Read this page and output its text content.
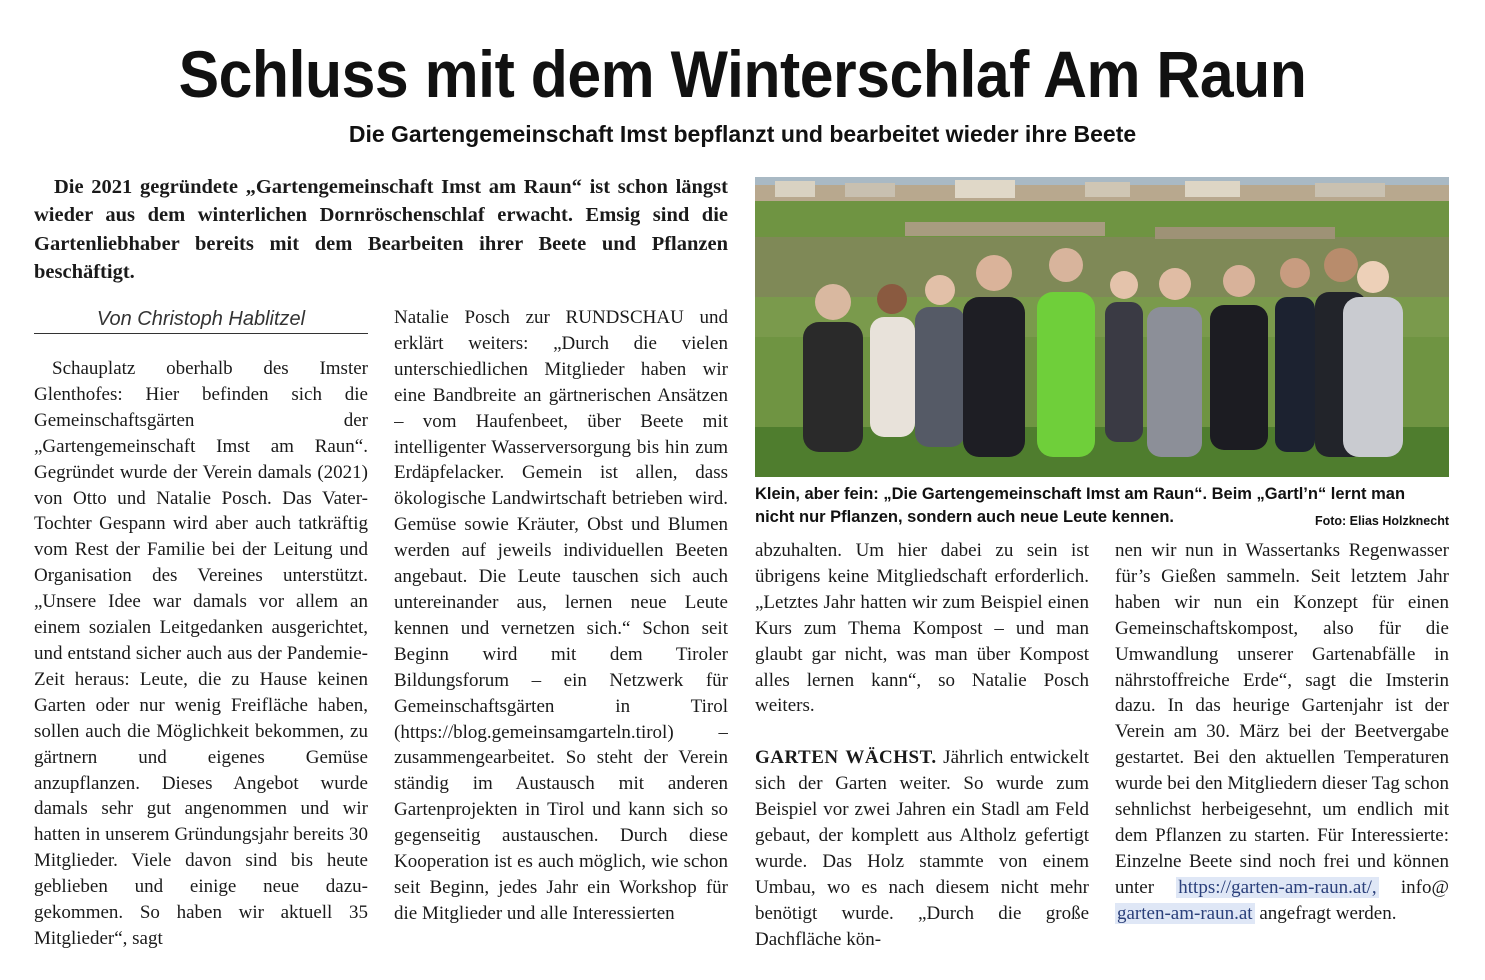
Schluss mit dem Winterschlaf Am Raun
Die Gartengemeinschaft Imst bepflanzt und bearbeitet wieder ihre Beete
Die 2021 gegründete „Gartengemeinschaft Imst am Raun“ ist schon längst wieder aus dem winterlichen Dornröschenschlaf erwacht. Emsig sind die Gartenliebhaber bereits mit dem Bearbeiten ihrer Beete und Pflanzen beschäftigt.
Von Christoph Hablitzel

Schauplatz oberhalb des Imster Glenthofes: Hier befinden sich die Gemeinschaftsgärten der „Gartengemeinschaft Imst am Raun“. Gegründet wurde der Verein damals (2021) von Otto und Natalie Posch. Das Vater-Tochter Gespann wird aber auch tatkräftig vom Rest der Familie bei der Leitung und Organisation des Vereines unterstützt. „Unsere Idee war damals vor allem an einem sozialen Leitgedanken ausgerichtet, und entstand sicher auch aus der Pandemie-Zeit heraus: Leute, die zu Hause keinen Garten oder nur wenig Freifläche haben, sollen auch die Möglichkeit bekommen, zu gärtnern und eigenes Gemüse anzupflanzen. Dieses Angebot wurde damals sehr gut angenommen und wir hatten in unserem Gründungsjahr bereits 30 Mitglieder. Viele davon sind bis heute geblieben und einige neue dazu- gekommen. So haben wir aktuell 35 Mitglieder“, sagt

Natalie Posch zur RUNDSCHAU und erklärt weiters: „Durch die vielen unterschiedlichen Mitglieder haben wir eine Bandbreite an gärtnerischen Ansätzen – vom Haufenbeet, über Beete mit intelligenter Wasserversorgung bis hin zum Erdäpfelacker. Gemein ist allen, dass ökologische Landwirtschaft betrieben wird. Gemüse sowie Kräuter, Obst und Blumen werden auf jeweils individuellen Beeten angebaut. Die Leute tauschen sich auch untereinander aus, lernen neue Leute kennen und vernetzen sich.“ Schon seit Beginn wird mit dem Tiroler Bildungsforum – ein Netzwerk für Gemeinschaftsgärten in Tirol (https://blog.gemeinsamgarteln.tirol) – zusammengearbeitet. So steht der Verein ständig im Austausch mit anderen Gartenprojekten in Tirol und kann sich so gegenseitig austauschen. Durch diese Kooperation ist es auch möglich, wie schon seit Beginn, jedes Jahr ein Workshop für die Mitglieder und alle Interessierten

Klein, aber fein: „Die Gartengemeinschaft Imst am Raun“. Beim „Gartl’n“ lernt man nicht nur Pflanzen, sondern auch neue Leute kennen.	Foto: Elias Holzknecht

abzuhalten. Um hier dabei zu sein ist übrigens keine Mitgliedschaft erforderlich. „Letztes Jahr hatten wir zum Beispiel einen Kurs zum Thema Kompost – und man glaubt gar nicht, was man über Kompost alles lernen kann“, so Natalie Posch weiters.

GARTEN WÄCHST. Jährlich entwickelt sich der Garten weiter. So wurde zum Beispiel vor zwei Jahren ein Stadl am Feld gebaut, der komplett aus Altholz gefertigt wurde. Das Holz stammte von einem Umbau, wo es nach diesem nicht mehr benötigt wurde. „Durch die große Dachfläche kön-

nen wir nun in Wassertanks Regenwasser für’s Gießen sammeln. Seit letztem Jahr haben wir nun ein Konzept für einen Gemeinschaftskompost, also für die Umwandlung unserer Gartenabfälle in nährstoffreiche Erde“, sagt die Imsterin dazu. In das heurige Gartenjahr ist der Verein am 30. März bei der Beetvergabe gestartet. Bei den aktuellen Temperaturen wurde bei den Mitgliedern dieser Tag schon sehnlichst herbeigesehnt, um endlich mit dem Pflanzen zu starten. Für Interessierte: Einzelne Beete sind noch frei und können unter https://garten-am-raun.at/, info@ garten-am-raun.at angefragt werden.
